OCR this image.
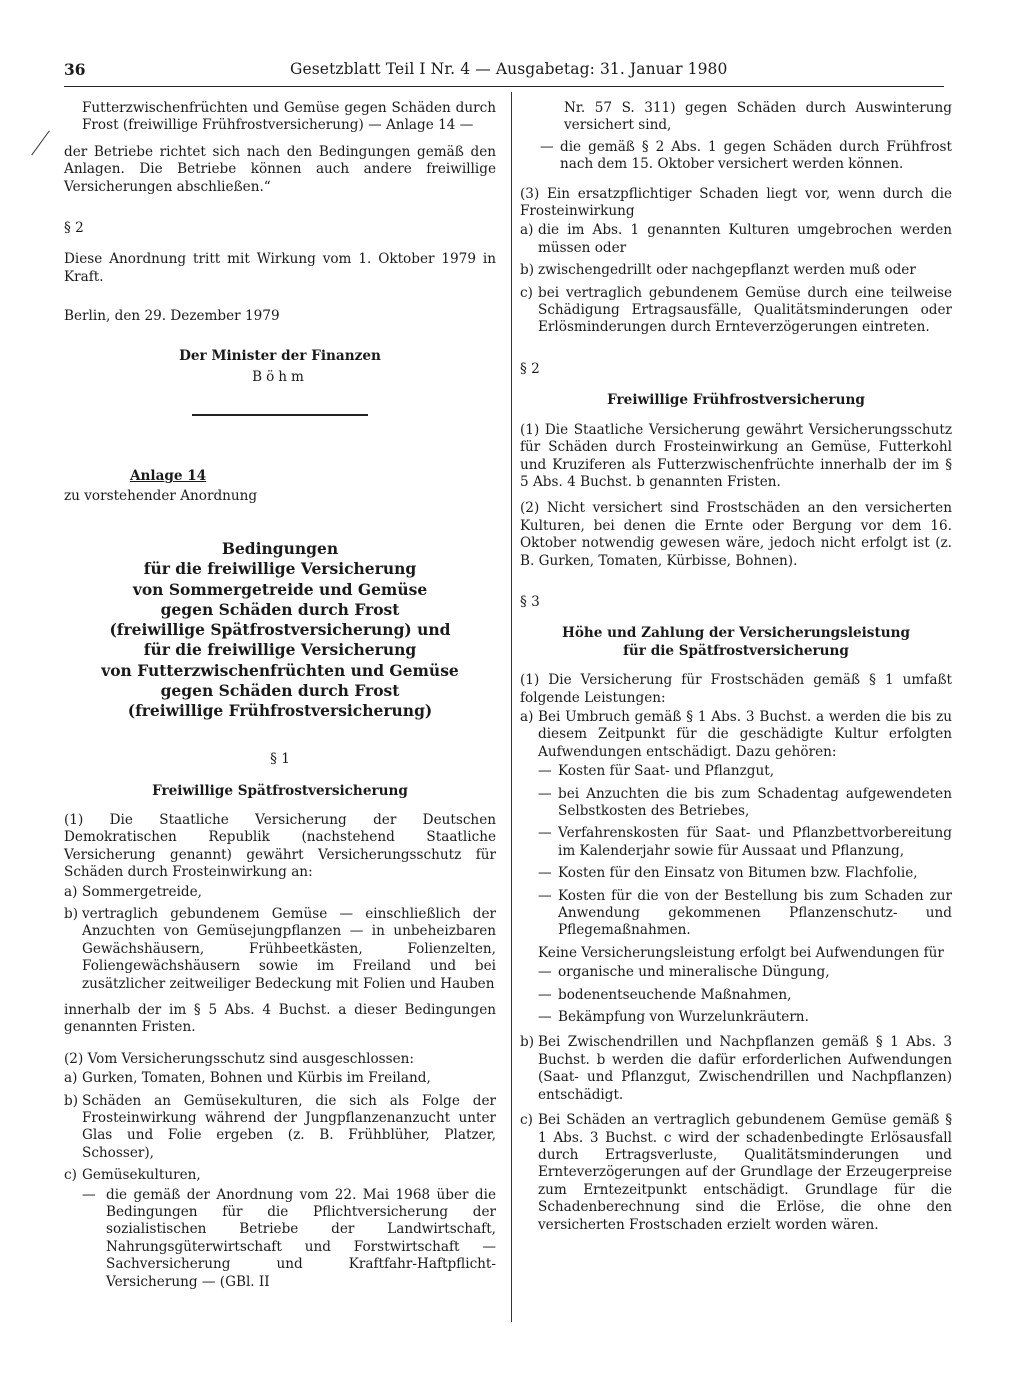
36	Gesetzblatt Teil I Nr. 4 — Ausgabetag: 31. Januar 1980

Futterzwischenfrüchten und Gemüse gegen Schäden durch Frost (freiwillige Frühfrostversicherung) — Anlage 14 —

der Betriebe richtet sich nach den Bedingungen gemäß den Anlagen. Die Betriebe können auch andere freiwillige Versicherungen abschließen.“

§ 2

Diese Anordnung tritt mit Wirkung vom 1. Oktober 1979 in Kraft.

Berlin, den 29. Dezember 1979

Der Minister der Finanzen

Böhm

Anlage 14

zu vorstehender Anordnung

Bedingungen
für die freiwillige Versicherung
von Sommergetreide und Gemüse
gegen Schäden durch Frost
(freiwillige Spätfrostversicherung) und
für die freiwillige Versicherung
von Futterzwischenfrüchten und Gemüse
gegen Schäden durch Frost
(freiwillige Frühfrostversicherung)

§ 1

Freiwillige Spätfrostversicherung

(1) Die Staatliche Versicherung der Deutschen Demokratischen Republik (nachstehend Staatliche Versicherung genannt) gewährt Versicherungsschutz für Schäden durch Frosteinwirkung an:

a) Sommergetreide,
b) vertraglich gebundenem Gemüse — einschließlich der Anzuchten von Gemüsejungpflanzen — in unbeheizbaren Gewächshäusern, Frühbeetkästen, Folienzelten, Foliengewächshäusern sowie im Freiland und bei zusätzlicher zeitweiliger Bedeckung mit Folien und Hauben

innerhalb der im § 5 Abs. 4 Buchst. a dieser Bedingungen genannten Fristen.

(2) Vom Versicherungsschutz sind ausgeschlossen:

a) Gurken, Tomaten, Bohnen und Kürbis im Freiland,
b) Schäden an Gemüsekulturen, die sich als Folge der Frosteinwirkung während der Jungpflanzenanzucht unter Glas und Folie ergeben (z. B. Frühblüher, Platzer, Schosser),
c) Gemüsekulturen,
— die gemäß der Anordnung vom 22. Mai 1968 über die Bedingungen für die Pflichtversicherung der sozialistischen Betriebe der Landwirtschaft, Nahrungsgüterwirtschaft und Forstwirtschaft — Sachversicherung und Kraftfahr-Haftpflicht-Versicherung — (GBl. II

Nr. 57 S. 311) gegen Schäden durch Auswinterung versichert sind,

— die gemäß § 2 Abs. 1 gegen Schäden durch Frühfrost nach dem 15. Oktober versichert werden können.

(3) Ein ersatzpflichtiger Schaden liegt vor, wenn durch die Frosteinwirkung

a) die im Abs. 1 genannten Kulturen umgebrochen werden müssen oder
b) zwischengedrillt oder nachgepflanzt werden muß oder
c) bei vertraglich gebundenem Gemüse durch eine teilweise Schädigung Ertragsausfälle, Qualitätsminderungen oder Erlösminderungen durch Ernteverzögerungen eintreten.

§ 2

Freiwillige Frühfrostversicherung

(1) Die Staatliche Versicherung gewährt Versicherungsschutz für Schäden durch Frosteinwirkung an Gemüse, Futterkohl und Kruziferen als Futterzwischenfrüchte innerhalb der im § 5 Abs. 4 Buchst. b genannten Fristen.

(2) Nicht versichert sind Frostschäden an den versicherten Kulturen, bei denen die Ernte oder Bergung vor dem 16. Oktober notwendig gewesen wäre, jedoch nicht erfolgt ist (z. B. Gurken, Tomaten, Kürbisse, Bohnen).

§ 3

Höhe und Zahlung der Versicherungsleistung

für die Spätfrostversicherung

(1) Die Versicherung für Frostschäden gemäß § 1 umfaßt folgende Leistungen:

a) Bei Umbruch gemäß § 1 Abs. 3 Buchst. a werden die bis zu diesem Zeitpunkt für die geschädigte Kultur erfolgten Aufwendungen entschädigt. Dazu gehören:
— Kosten für Saat- und Pflanzgut,
— bei Anzuchten die bis zum Schadentag aufgewendeten Selbstkosten des Betriebes,
— Verfahrenskosten für Saat- und Pflanzbettvorbereitung im Kalenderjahr sowie für Aussaat und Pflanzung,
— Kosten für den Einsatz von Bitumen bzw. Flachfolie,
— Kosten für die von der Bestellung bis zum Schaden zur Anwendung gekommenen Pflanzenschutz- und Pflegemaßnahmen.

Keine Versicherungsleistung erfolgt bei Aufwendungen für

— organische und mineralische Düngung,
— bodenentseuchende Maßnahmen,
— Bekämpfung von Wurzelunkräutern.
b) Bei Zwischendrillen und Nachpflanzen gemäß § 1 Abs. 3 Buchst. b werden die dafür erforderlichen Aufwendungen (Saat- und Pflanzgut, Zwischendrillen und Nachpflanzen) entschädigt.
c) Bei Schäden an vertraglich gebundenem Gemüse gemäß § 1 Abs. 3 Buchst. c wird der schadenbedingte Erlösausfall durch Ertragsverluste, Qualitätsminderungen und Ernteverzögerungen auf der Grundlage der Erzeugerpreise zum Erntezeitpunkt entschädigt. Grundlage für die Schadenberechnung sind die Erlöse, die ohne den versicherten Frostschaden erzielt worden wären.
